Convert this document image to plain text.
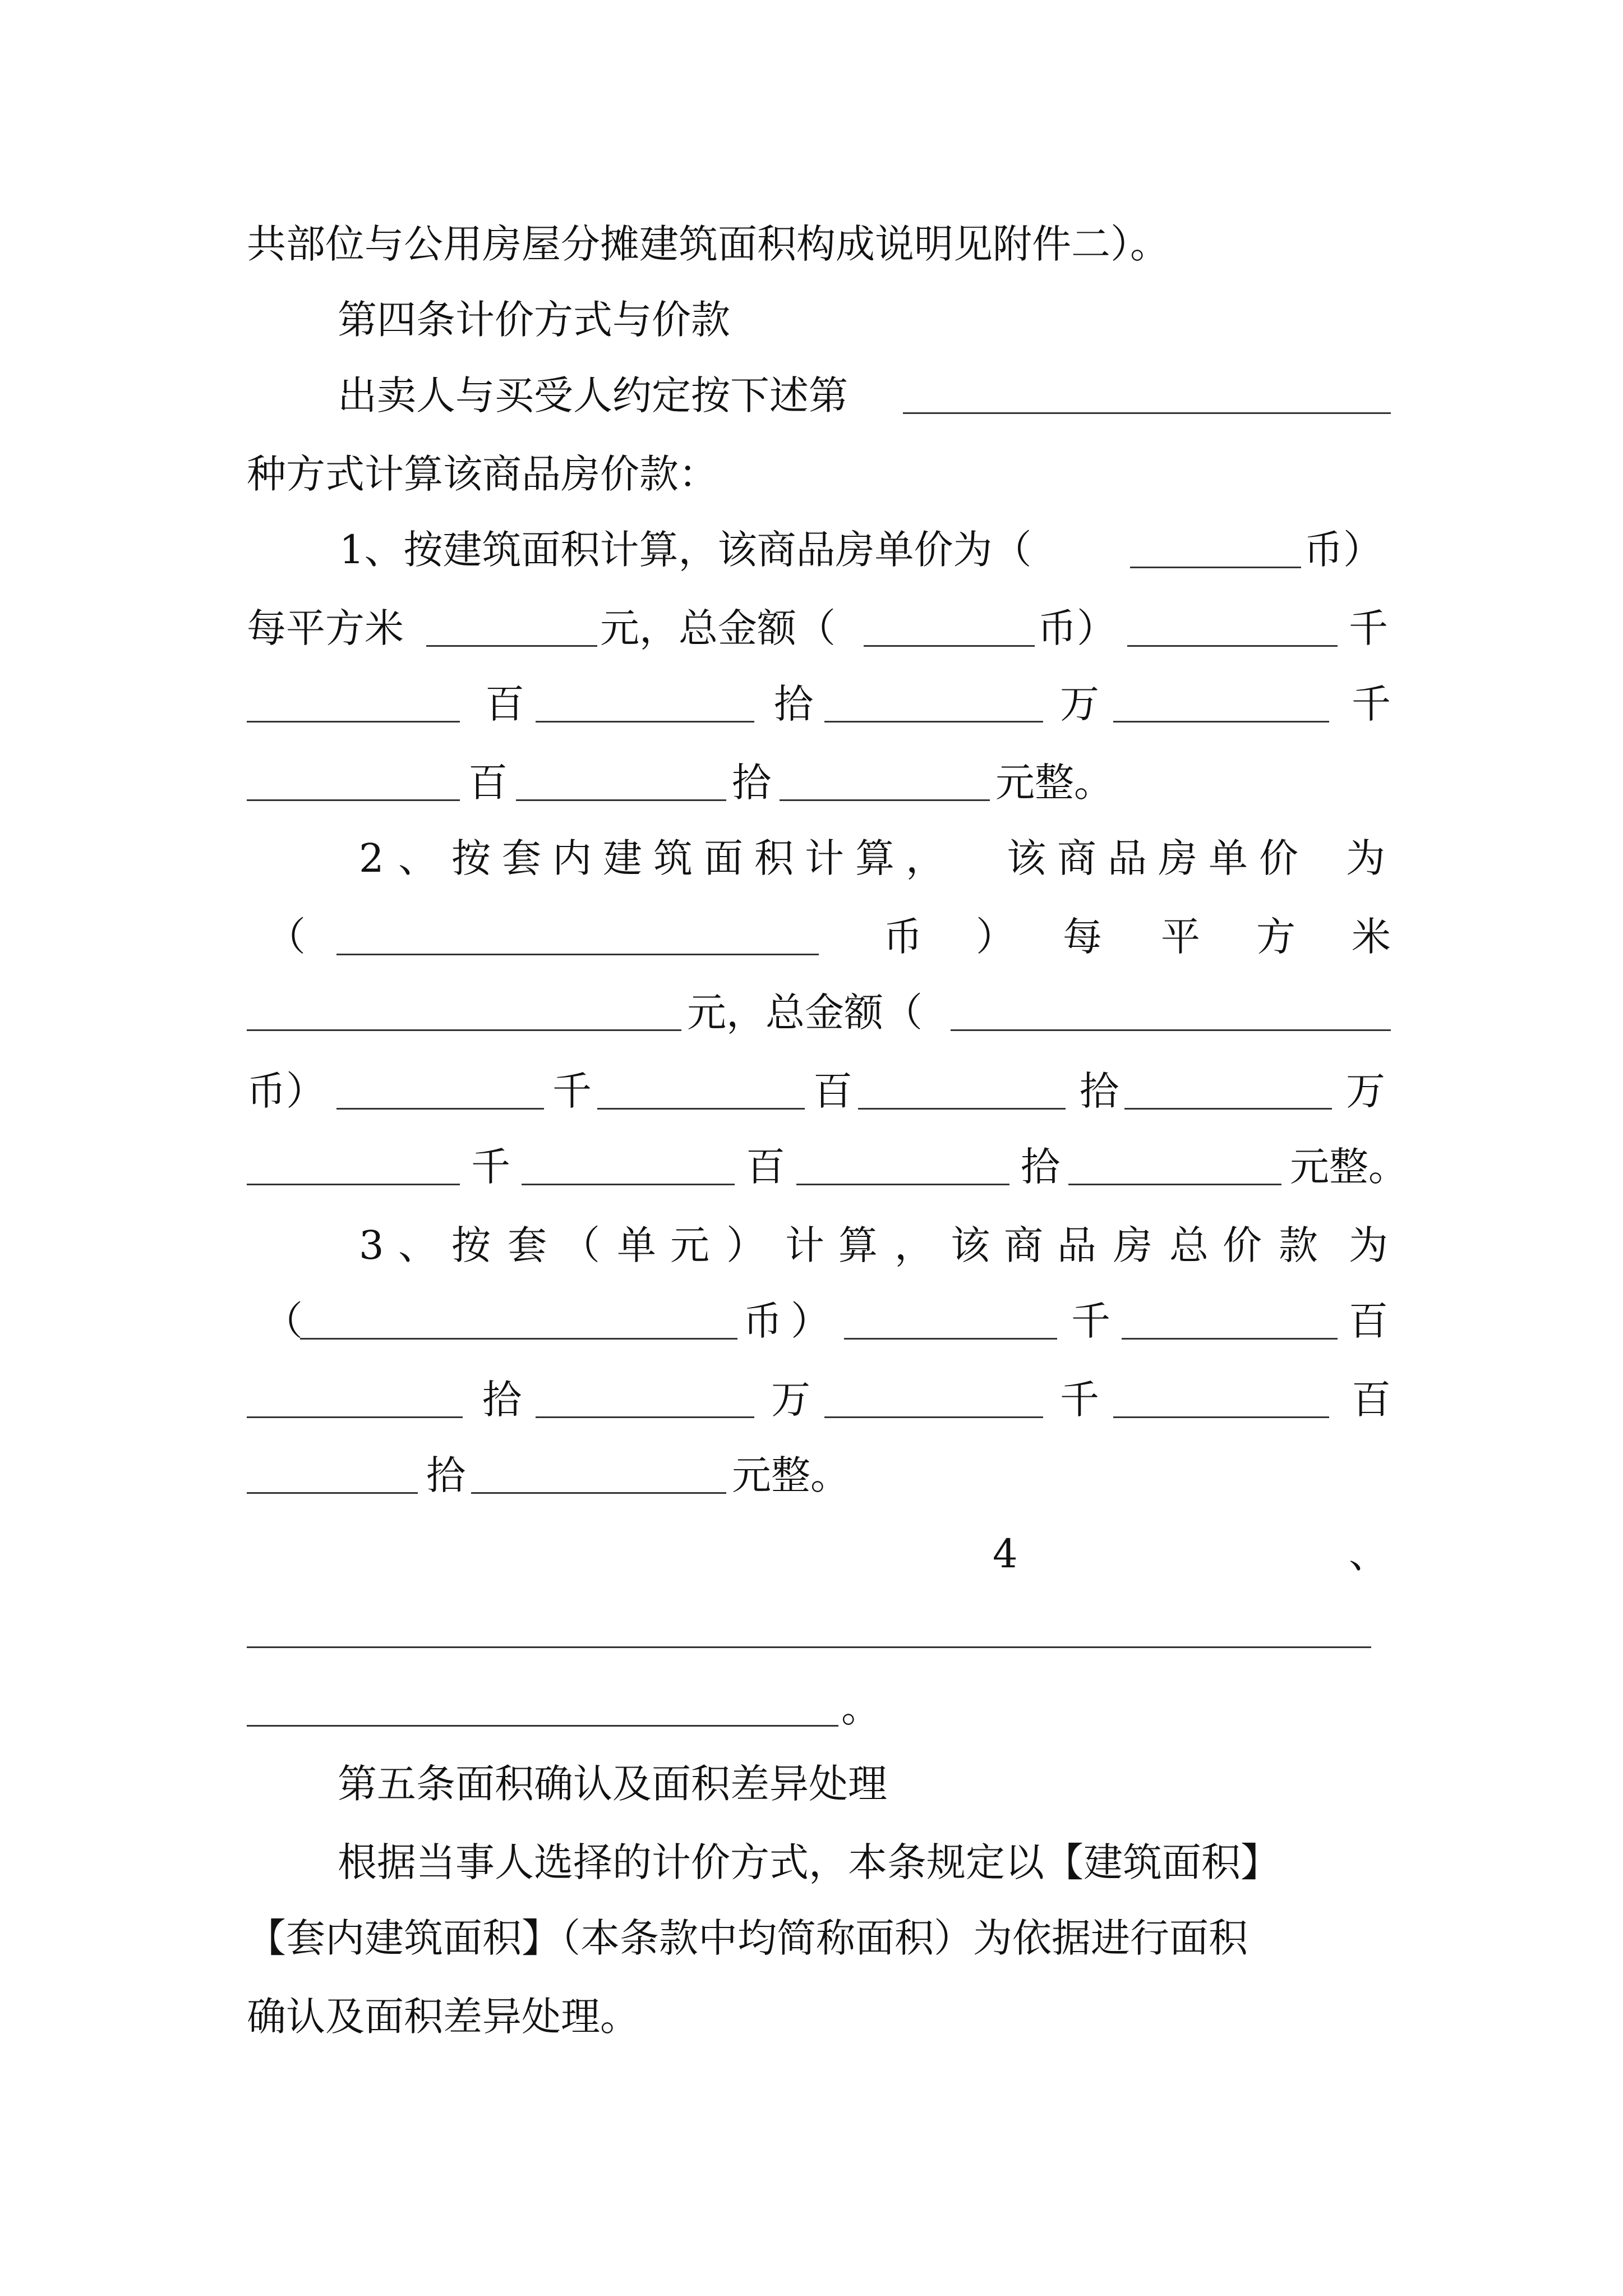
共部位与公用房屋分摊建筑面积构成说明见附件二）。
第四条计价方式与价款
出卖人与买受人约定按下述第
种方式计算该商品房价款：
1、按建筑面积计算，该商品房单价为（	币）
每平方米	元，总金额（	币）	千
百	拾	万	千
百	拾	元整。
2 、 按 套 内 建 筑 面 积 计 算 ， 该 商 品 房 单 价 为
（	币 ） 每 平 方 米
元，总金额（
币）	千	百	拾	万
千	百	拾	元整。
3 、 按 套 （ 单 元 ） 计 算 ， 该 商 品 房 总 价 款 为
（	币 ）	千	百
拾	万	千	百
拾	元整。
4	、
。
第五条面积确认及面积差异处理
根据当事人选择的计价方式，本条规定以【建筑面积】
【套内建筑面积】（本条款中均简称面积）为依据进行面积
确认及面积差异处理。
